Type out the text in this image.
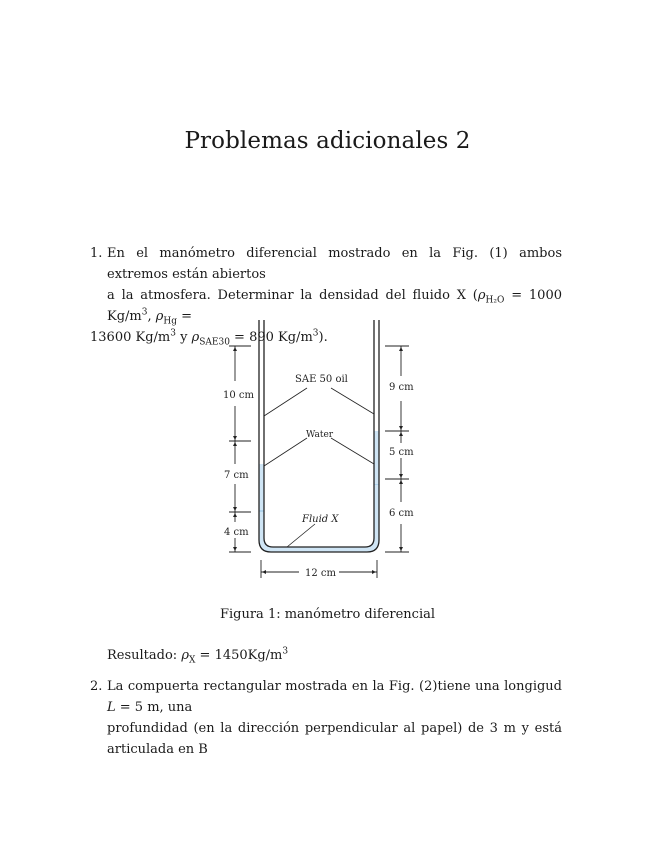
Problemas adicionales 2
1. En el manómetro diferencial mostrado en la Fig. (1) ambos extremos están abiertos
a la atmosfera. Determinar la densidad del fluido X ($\rho_{H_2O} = 1000$ $Kg/m^3$, $\rho_{Hg}$ =
13600 $Kg/m^3$ y $\rho_{SAE30} = 890$ $Kg/m^3$).
SAE 50 oil
Water
Fluid X
10 cm
7 cm
4 cm
9 cm
5 cm
6 cm
12 cm
Figura 1: manómetro diferencial
Resultado: $\rho_X = 1450Kg/m^3$
2. La compuerta rectangular mostrada en la Fig. (2)tiene una longigud L = 5 m, una
profundidad (en la dirección perpendicular al papel) de 3 m y está articulada en B
